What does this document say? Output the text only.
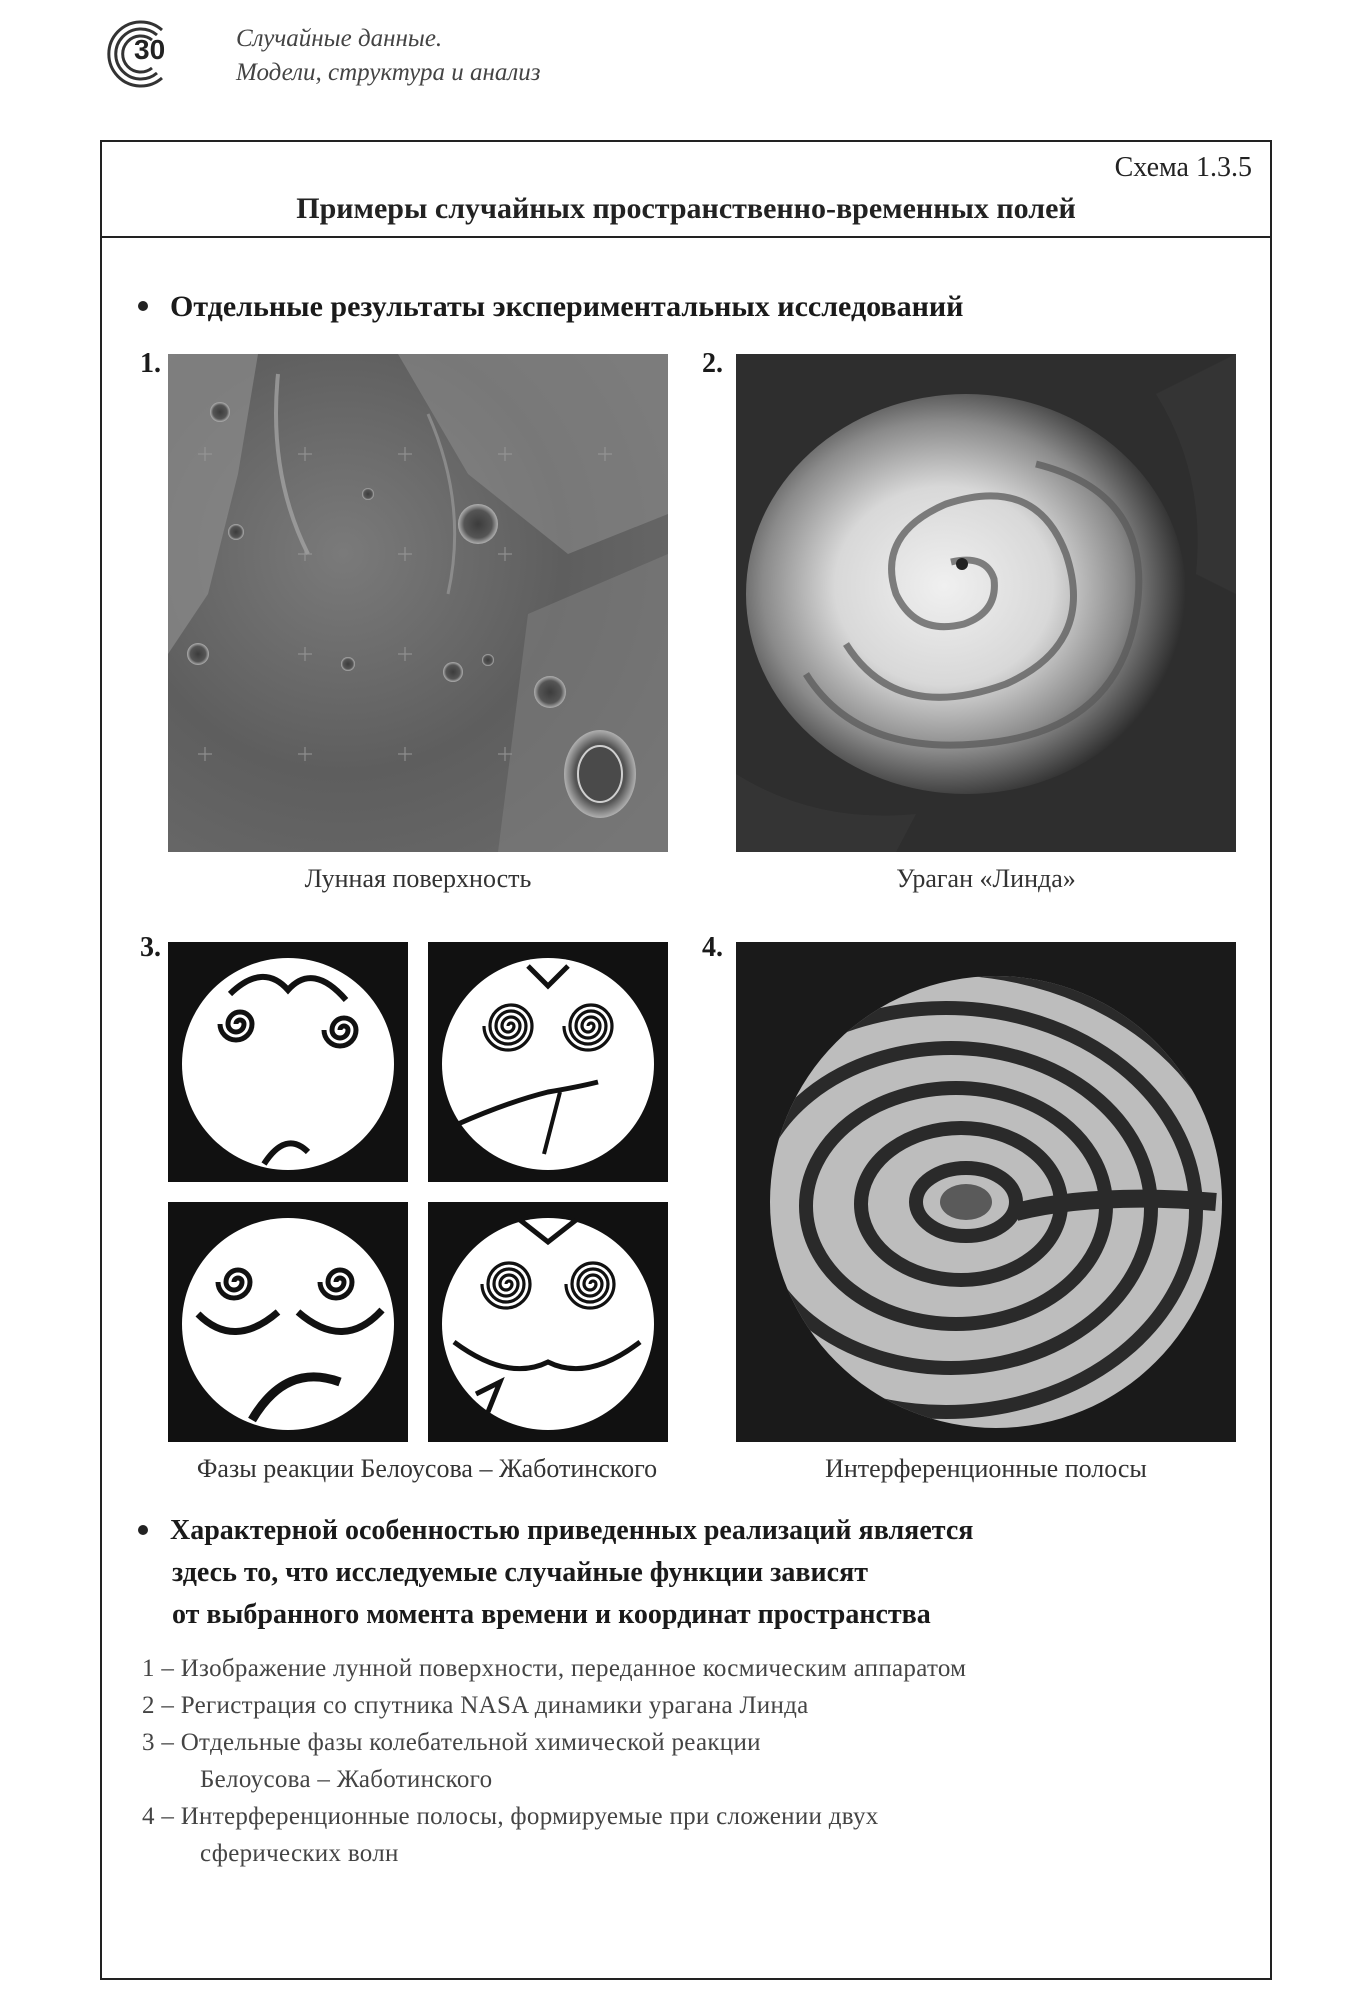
30	Случайные данные.
Модели, структура и анализ
Схема 1.3.5
Примеры случайных пространственно-временных полей
Отдельные результаты экспериментальных исследований
1.
Лунная поверхность
2.
Ураган «Линда»
3.
Фазы реакции Белоусова – Жаботинского
4.
Интерференционные полосы
Характерной особенностью приведенных реализаций является
здесь то, что исследуемые случайные функции зависят
от выбранного момента времени и координат пространства
1 – Изображение лунной поверхности, переданное космическим аппаратом
2 – Регистрация со спутника NASA динамики урагана Линда
3 – Отдельные фазы колебательной химической реакции
Белоусова – Жаботинского
4 – Интерференционные полосы, формируемые при сложении двух
сферических волн
